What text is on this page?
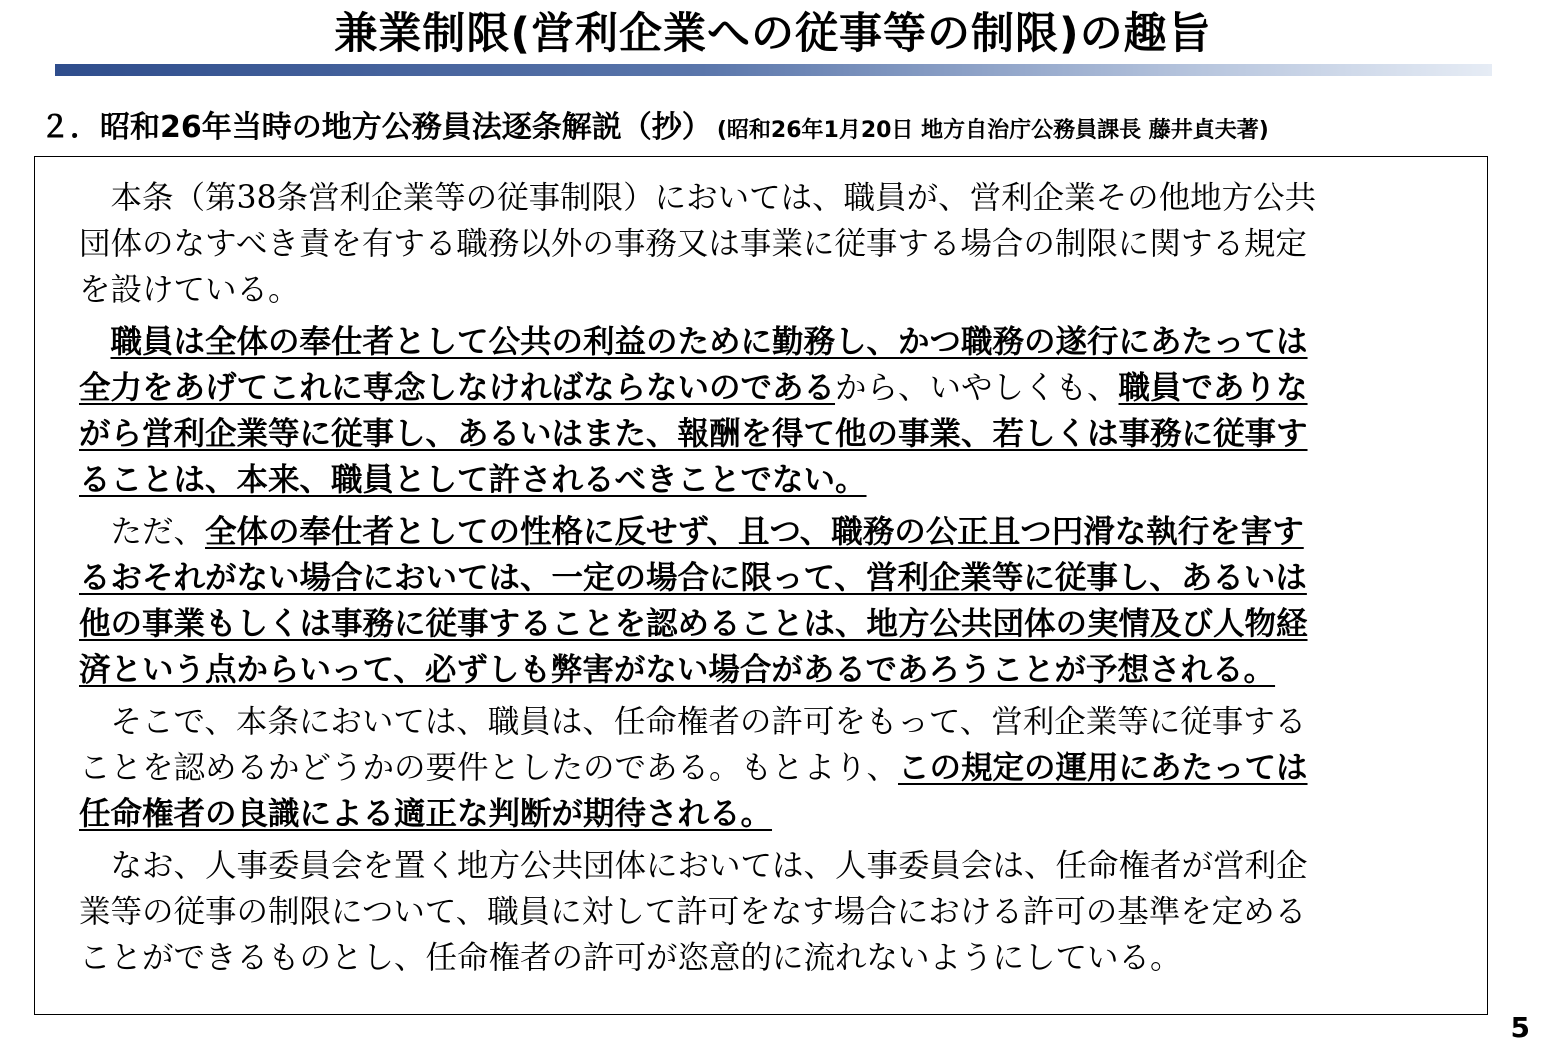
兼業制限(営利企業への従事等の制限)の趣旨
２．昭和26年当時の地方公務員法逐条解説（抄） (昭和26年1月20日 地方自治庁公務員課長 藤井貞夫著)
　本条（第38条営利企業等の従事制限）においては、職員が、営利企業その他地方公共
団体のなすべき責を有する職務以外の事務又は事業に従事する場合の制限に関する規定
を設けている。
　職員は全体の奉仕者として公共の利益のために勤務し、かつ職務の遂行にあたっては
全力をあげてこれに専念しなければならないのであるから、いやしくも、職員でありな
がら営利企業等に従事し、あるいはまた、報酬を得て他の事業、若しくは事務に従事す
ることは、本来、職員として許されるべきことでない。
　ただ、全体の奉仕者としての性格に反せず、且つ、職務の公正且つ円滑な執行を害す
るおそれがない場合においては、一定の場合に限って、営利企業等に従事し、あるいは
他の事業もしくは事務に従事することを認めることは、地方公共団体の実情及び人物経
済という点からいって、必ずしも弊害がない場合があるであろうことが予想される。
　そこで、本条においては、職員は、任命権者の許可をもって、営利企業等に従事する
ことを認めるかどうかの要件としたのである。もとより、この規定の運用にあたっては
任命権者の良識による適正な判断が期待される。
　なお、人事委員会を置く地方公共団体においては、人事委員会は、任命権者が営利企
業等の従事の制限について、職員に対して許可をなす場合における許可の基準を定める
ことができるものとし、任命権者の許可が恣意的に流れないようにしている。
5
